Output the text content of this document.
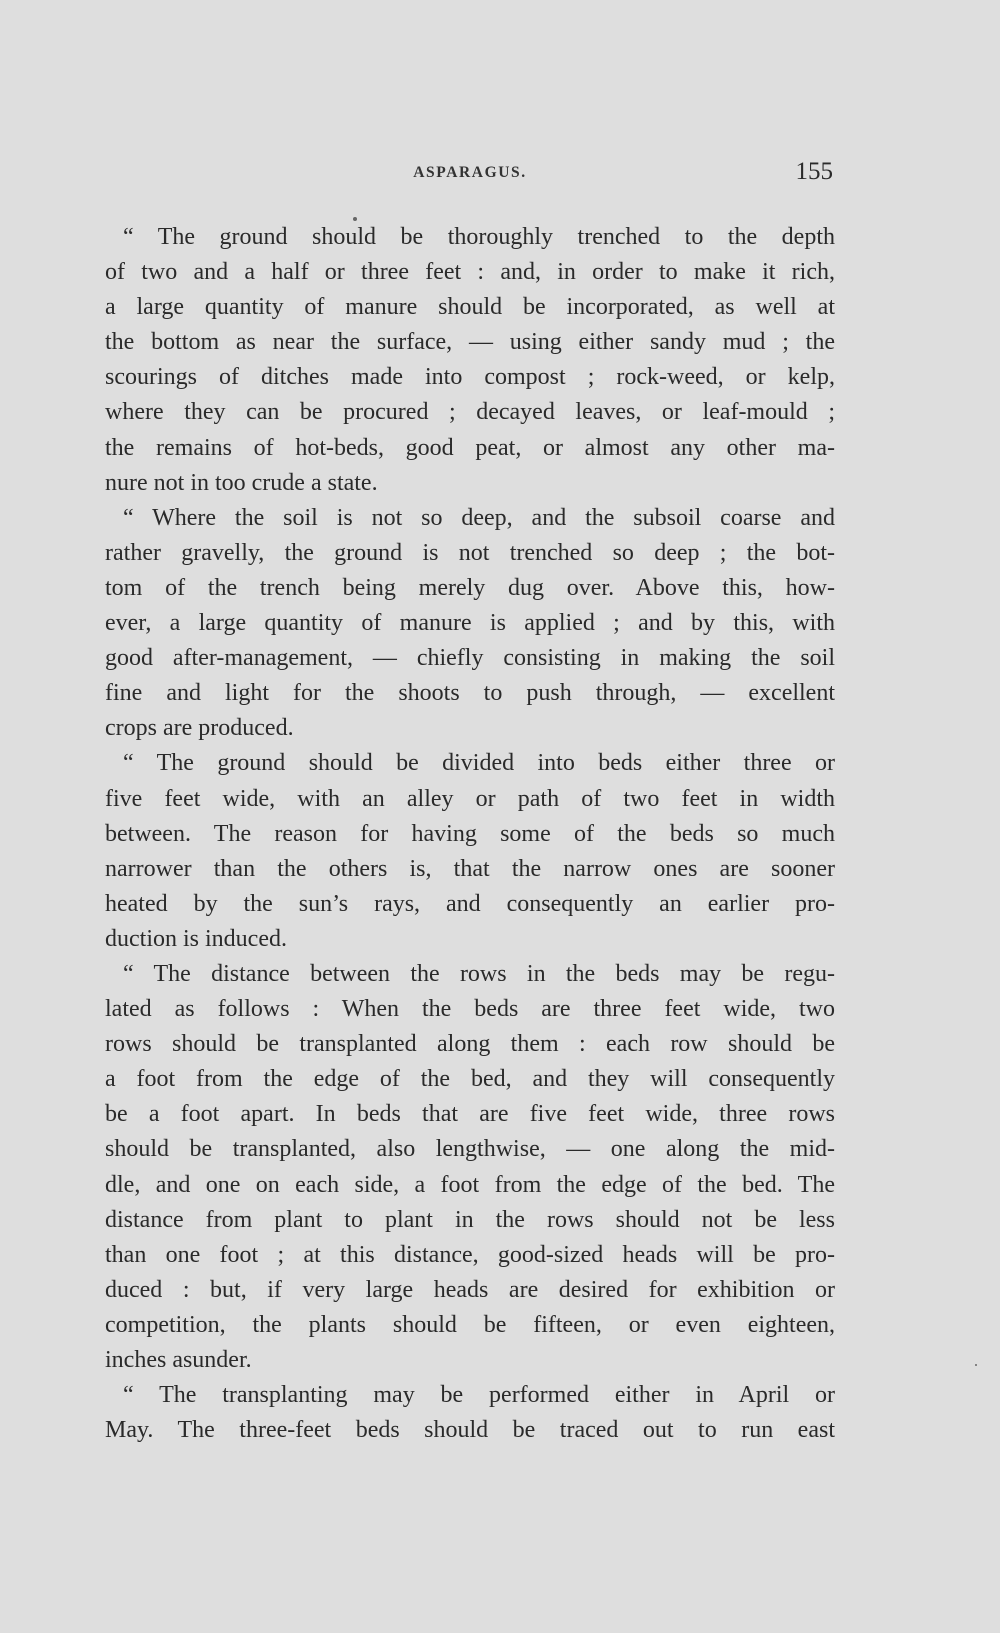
ASPARAGUS.	155
“ The ground should be thoroughly trenched to the depth
of two and a half or three feet : and, in order to make it rich,
a large quantity of manure should be incorporated, as well at
the bottom as near the surface, — using either sandy mud ; the
scourings of ditches made into compost ; rock-weed, or kelp,
where they can be procured ; decayed leaves, or leaf-mould ;
the remains of hot-beds, good peat, or almost any other ma-
nure not in too crude a state.
“ Where the soil is not so deep, and the subsoil coarse and
rather gravelly, the ground is not trenched so deep ; the bot-
tom of the trench being merely dug over. Above this, how-
ever, a large quantity of manure is applied ; and by this, with
good after-management, — chiefly consisting in making the soil
fine and light for the shoots to push through, — excellent
crops are produced.
“ The ground should be divided into beds either three or
five feet wide, with an alley or path of two feet in width
between. The reason for having some of the beds so much
narrower than the others is, that the narrow ones are sooner
heated by the sun’s rays, and consequently an earlier pro-
duction is induced.
“ The distance between the rows in the beds may be regu-
lated as follows : When the beds are three feet wide, two
rows should be transplanted along them : each row should be
a foot from the edge of the bed, and they will consequently
be a foot apart. In beds that are five feet wide, three rows
should be transplanted, also lengthwise, — one along the mid-
dle, and one on each side, a foot from the edge of the bed. The
distance from plant to plant in the rows should not be less
than one foot ; at this distance, good-sized heads will be pro-
duced : but, if very large heads are desired for exhibition or
competition, the plants should be fifteen, or even eighteen,
inches asunder.
“ The transplanting may be performed either in April or
May. The three-feet beds should be traced out to run east
